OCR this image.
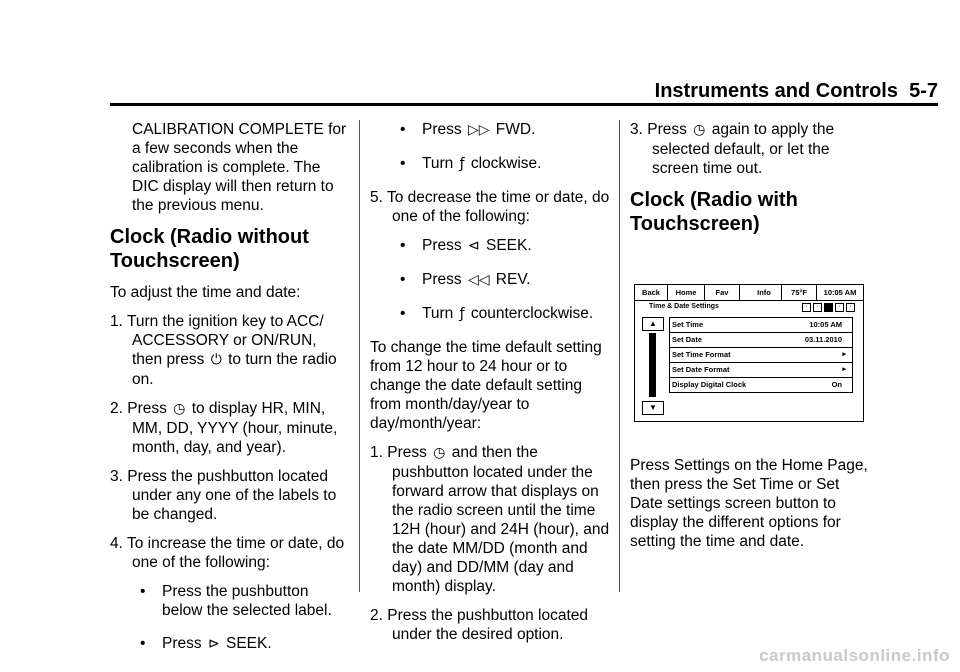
Instruments and Controls 5-7

CALIBRATION COMPLETE for a few seconds when the calibration is complete. The DIC display will then return to the previous menu.

Clock (Radio without Touchscreen)

To adjust the time and date:

1. Turn the ignition key to ACC/ ACCESSORY or ON/RUN, then press ⏻ to turn the radio on.

2. Press ◷ to display HR, MIN, MM, DD, YYYY (hour, minute, month, day, and year).

3. Press the pushbutton located under any one of the labels to be changed.

4. To increase the time or date, do one of the following:

• Press the pushbutton below the selected label.
• Press ⊳ SEEK.
• Press ▷▷ FWD.
• Turn ƒ clockwise.

5. To decrease the time or date, do one of the following:

• Press ⊲ SEEK.
• Press ◁◁ REV.
• Turn ƒ counterclockwise.

To change the time default setting from 12 hour to 24 hour or to change the date default setting from month/day/year to day/month/year:

1. Press ◷ and then the pushbutton located under the forward arrow that displays on the radio screen until the time 12H (hour) and 24H (hour), and the date MM/DD (month and day) and DD/MM (day and month) display.

2. Press the pushbutton located under the desired option.

3. Press ◷ again to apply the selected default, or let the screen time out.

Clock (Radio with Touchscreen)
Back	Home	Fav	Info	75°F	10:05 AM
Time & Date Settings	·	·	·	·
▲
▼
Set Time	10:05 AM
Set Date	03.11.2010
Set Time Format	▸
Set Date Format	▸
Display Digital Clock	On

Press Settings on the Home Page, then press the Set Time or Set Date settings screen button to display the different options for setting the time and date.

carmanualsonline.info
